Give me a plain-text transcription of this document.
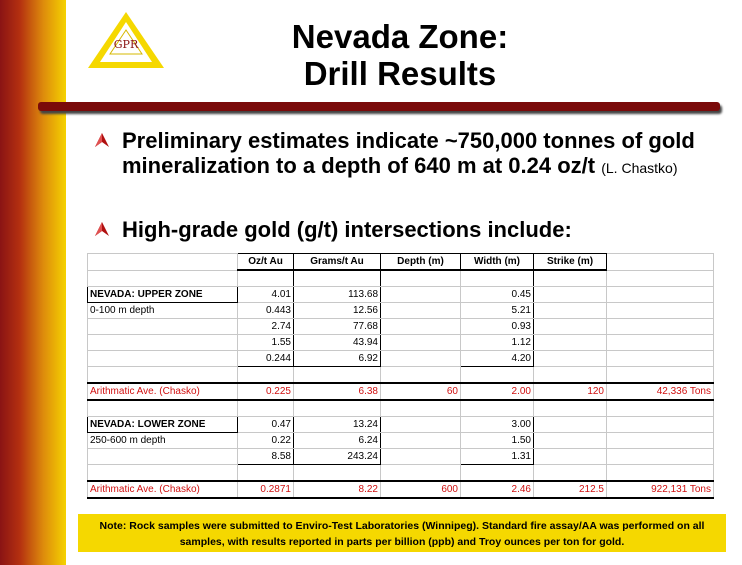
GPR	Nevada Zone:
Drill Results
Preliminary estimates indicate ~750,000 tonnes of gold mineralization to a depth of 640 m at 0.24 oz/t (L. Chastko)
High-grade gold (g/t) intersections include:
	Oz/t Au	Grams/t Au	Depth (m)	Width (m)	Strike (m)	

NEVADA: UPPER ZONE	4.01	113.68		0.45		
0-100 m depth	0.443	12.56		5.21		
	2.74	77.68		0.93		
	1.55	43.94		1.12		
	0.244	6.92		4.20		

Arithmatic Ave. (Chasko)	0.225	6.38	60	2.00	120	42,336 Tons

NEVADA: LOWER ZONE	0.47	13.24		3.00		
250-600 m depth	0.22	6.24		1.50		
	8.58	243.24		1.31		

Arithmatic Ave. (Chasko)	0.2871	8.22	600	2.46	212.5	922,131 Tons
Note: Rock samples were submitted to Enviro-Test Laboratories (Winnipeg). Standard fire assay/AA was performed on all samples, with results reported in parts per billion (ppb) and Troy ounces per ton for gold.
